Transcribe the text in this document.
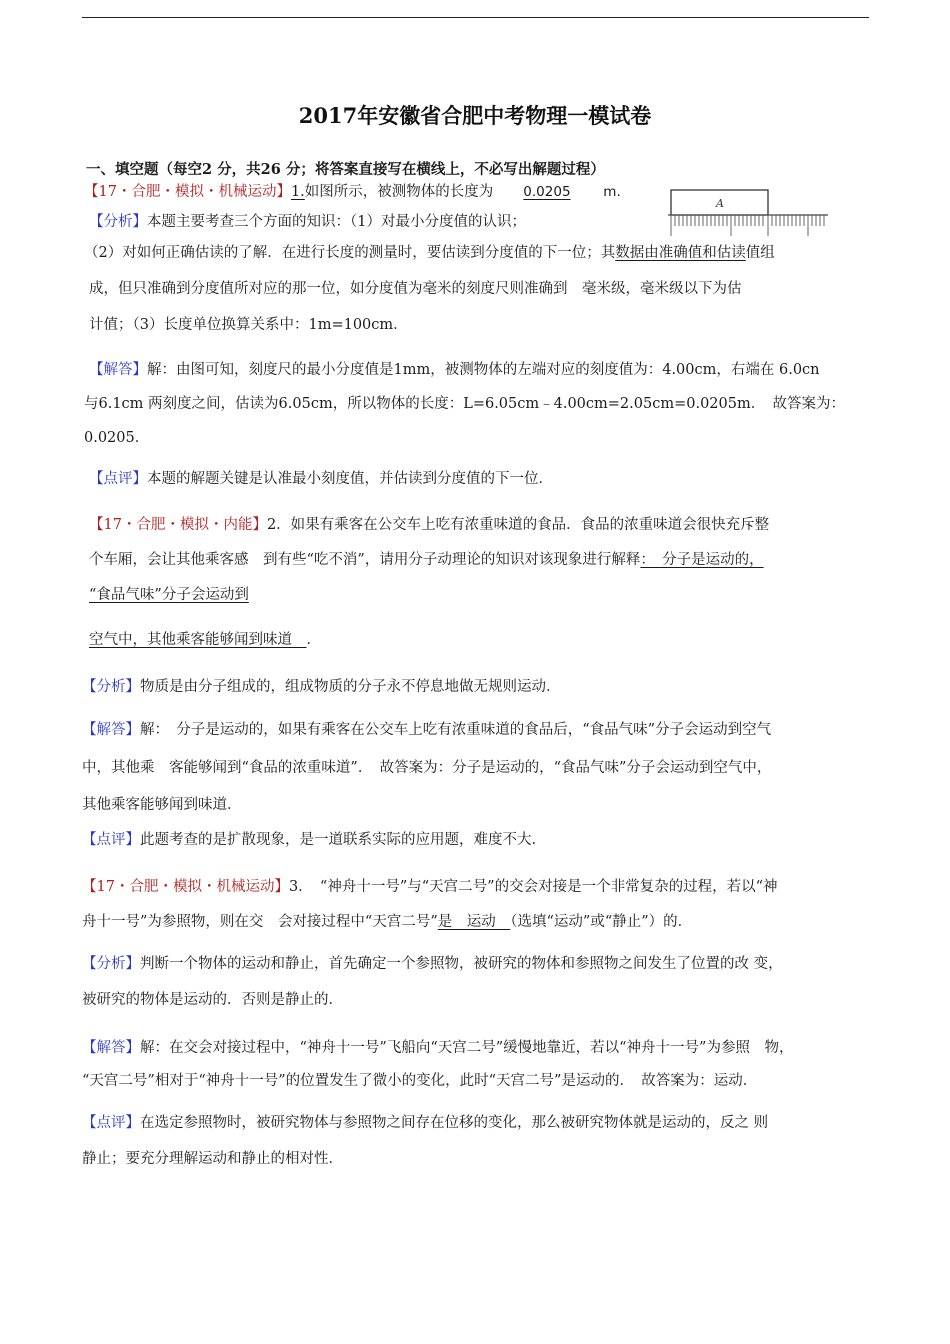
2017年安徽省合肥中考物理一模试卷
一、填空题（每空2 分，共26 分；将答案直接写在横线上，不必写出解题过程）
【17・合肥・模拟・机械运动】1.如图所示，被测物体的长度为 0.0205 m.
A
【分析】本题主要考查三个方面的知识：（1）对最小分度值的认识；
（2）对如何正确估读的了解．在进行长度的测量时，要估读到分度值的下一位；其数据由准确值和估读值组
成，但只准确到分度值所对应的那一位，如分度值为毫米的刻度尺则准确到　毫米级，毫米级以下为估
计值；（3）长度单位换算关系中：1m=100cm．
【解答】解：由图可知，刻度尺的最小分度值是1mm，被测物体的左端对应的刻度值为：4.00cm，右端在 6.0cn
与6.1cm 两刻度之间，估读为6.05cm，所以物体的长度：L=6.05cm﹣4.00cm=2.05cm=0.0205m．　故答案为：
0.0205．
【点评】本题的解题关键是认准最小刻度值，并估读到分度值的下一位．
【17・合肥・模拟・内能】2．如果有乘客在公交车上吃有浓重味道的食品．食品的浓重味道会很快充斥整
个车厢，会让其他乘客感　到有些“吃不消”，请用分子动理论的知识对该现象进行解释：　分子是运动的，
“食品气味”分子会运动到
空气中，其他乘客能够闻到味道　．
【分析】物质是由分子组成的，组成物质的分子永不停息地做无规则运动．
【解答】解：　分子是运动的，如果有乘客在公交车上吃有浓重味道的食品后，“食品气味”分子会运动到空气
中，其他乘　客能够闻到“食品的浓重味道”．　故答案为：分子是运动的，“食品气味”分子会运动到空气中，
其他乘客能够闻到味道．
【点评】此题考查的是扩散现象，是一道联系实际的应用题，难度不大．
【17・合肥・模拟・机械运动】3．　“神舟十一号”与“天宫二号”的交会对接是一个非常复杂的过程，若以“神
舟十一号”为参照物，则在交　会对接过程中“天宫二号”是　运动　（选填“运动”或“静止”）的．
【分析】判断一个物体的运动和静止，首先确定一个参照物，被研究的物体和参照物之间发生了位置的改 变，
被研究的物体是运动的．否则是静止的．
【解答】解：在交会对接过程中，“神舟十一号”飞船向“天宫二号”缓慢地靠近，若以“神舟十一号”为参照　物，
“天宫二号”相对于“神舟十一号”的位置发生了微小的变化，此时“天宫二号”是运动的．　故答案为：运动．
【点评】在选定参照物时，被研究物体与参照物之间存在位移的变化，那么被研究物体就是运动的，反之 则
静止；要充分理解运动和静止的相对性．
